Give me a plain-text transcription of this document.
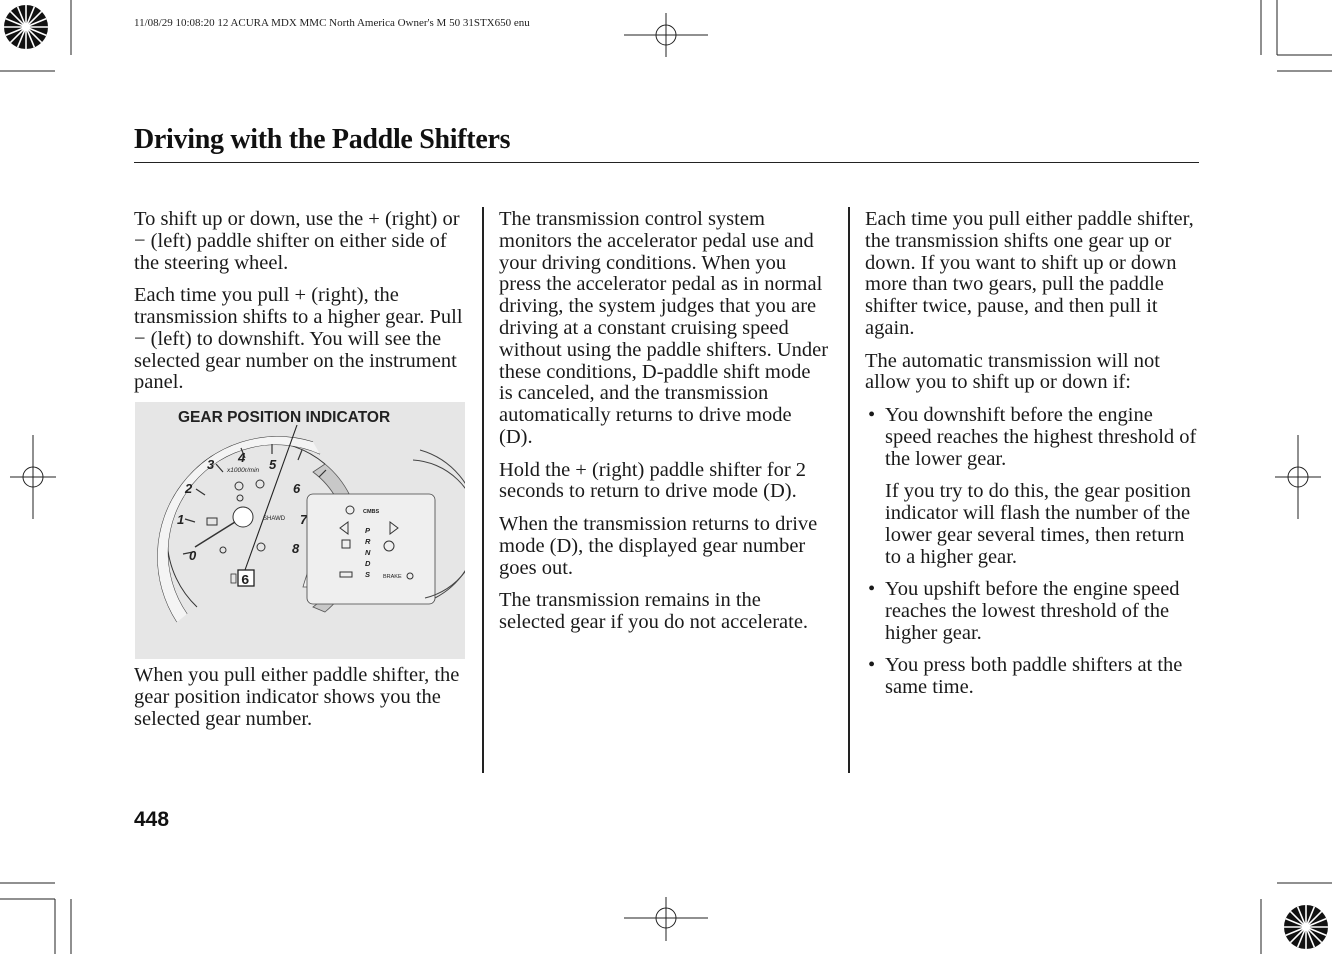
11/08/29 10:08:20 12 ACURA MDX MMC North America Owner's M 50 31STX650 enu
Driving with the Paddle Shifters

To shift up or down, use the + (right) or − (left) paddle shifter on either side of the steering wheel.

Each time you pull + (right), the transmission shifts to a higher gear. Pull − (left) to downshift. You will see the selected gear number on the instrument panel.

0
1
2
3 4 5
6
7
8
x1000r/min
SHAWD
6
CMBS
P
R
N
D
S BRAKE
GEAR POSITION INDICATOR

When you pull either paddle shifter, the gear position indicator shows you the selected gear number.

The transmission control system monitors the accelerator pedal use and your driving conditions. When you press the accelerator pedal as in normal driving, the system judges that you are driving at a constant cruising speed without using the paddle shifters. Under these conditions, D-paddle shift mode is canceled, and the transmission automatically returns to drive mode (D).

Hold the + (right) paddle shifter for 2 seconds to return to drive mode (D).

When the transmission returns to drive mode (D), the displayed gear number goes out.

The transmission remains in the selected gear if you do not accelerate.

Each time you pull either paddle shifter, the transmission shifts one gear up or down. If you want to shift up or down more than two gears, pull the paddle shifter twice, pause, and then pull it again.

The automatic transmission will not allow you to shift up or down if:

• You downshift before the engine speed reaches the highest threshold of the lower gear.
If you try to do this, the gear position indicator will flash the number of the lower gear several times, then return to a higher gear.
• You upshift before the engine speed reaches the lowest threshold of the higher gear.
• You press both paddle shifters at the same time.
448
